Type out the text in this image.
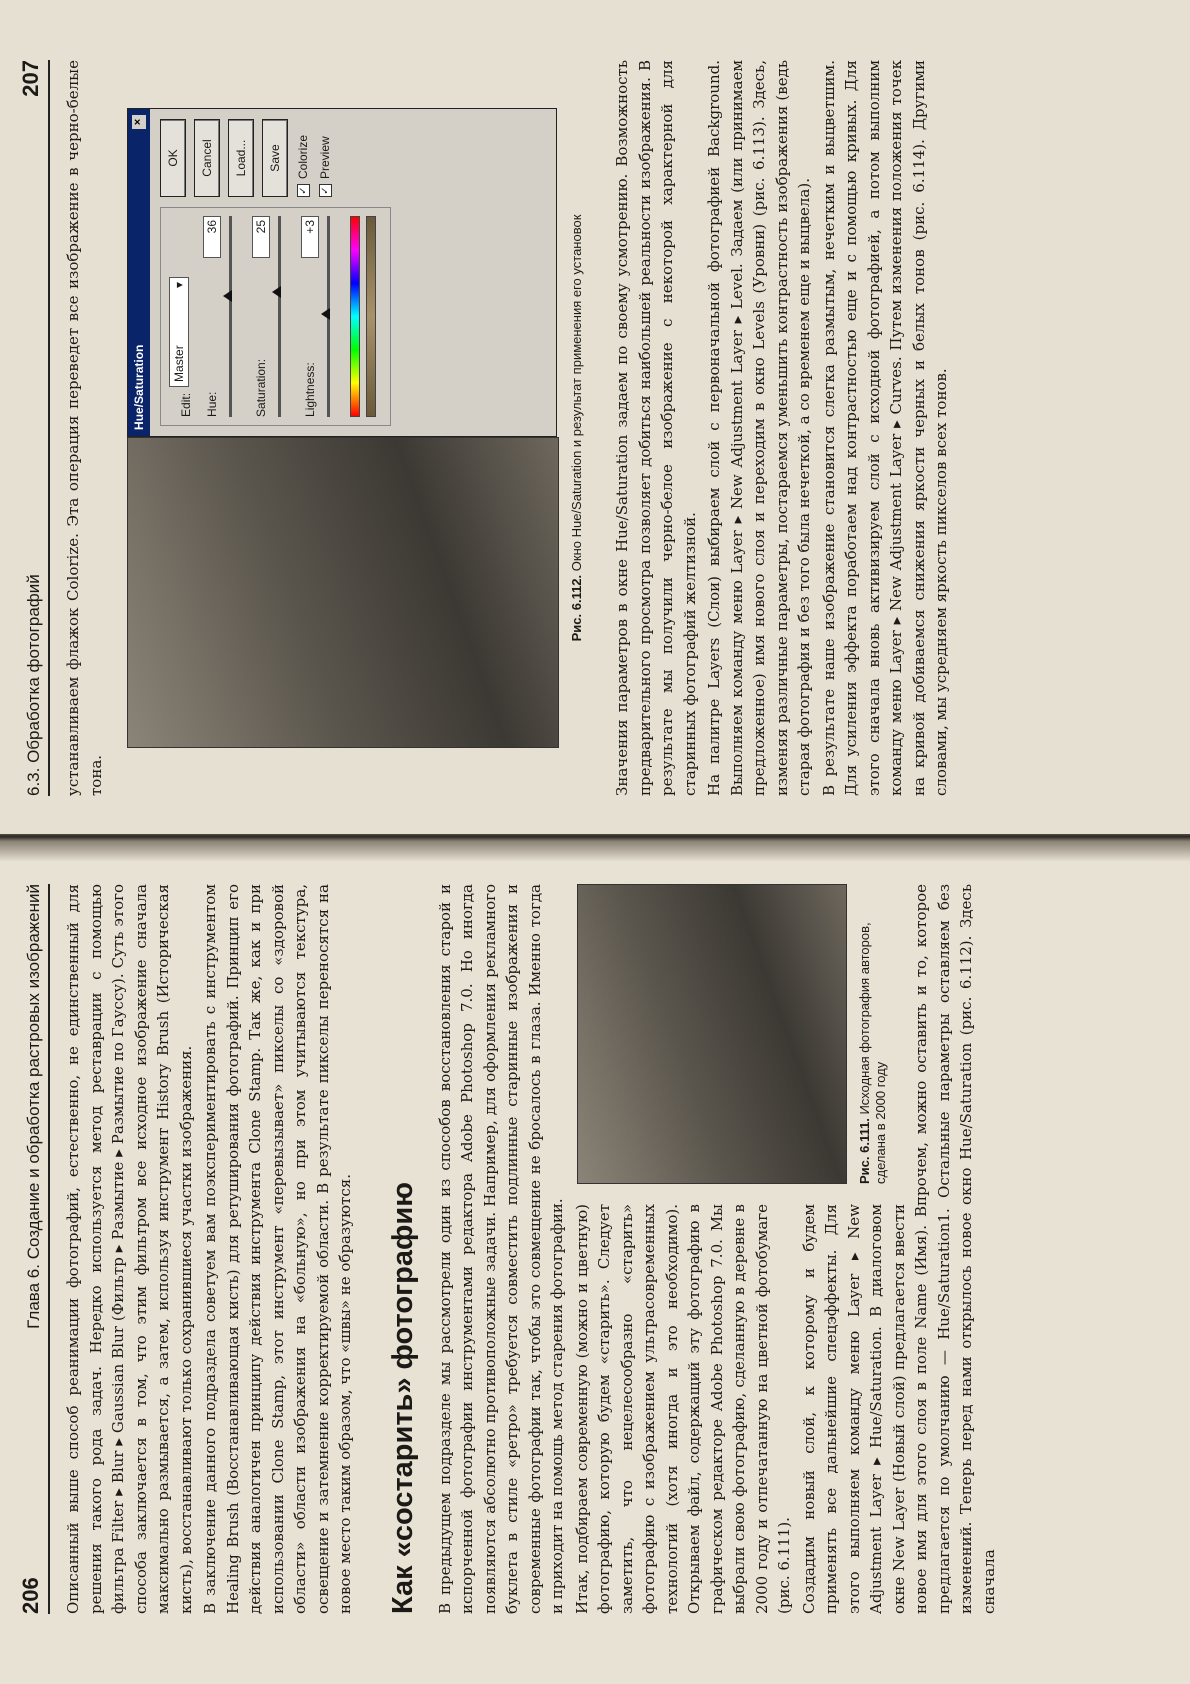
206
Глава 6. Создание и обработка растровых изображений Описанный выше способ реанимации фотографий, естественно, не единственный для решения такого рода задач. Нередко используется метод реставрации с помощью фильтра Filter ▸ Blur ▸ Gaussian Blur (Фильтр ▸ Размытие ▸ Размытие по Гауссу). Суть этого способа заключается в том, что этим фильтром все исходное изображение сначала максимально размывается, а затем, используя инструмент History Brush (Историческая кисть), восстанавливают только сохранившиеся участки изображения. В заключение данного подраздела советуем вам поэкспериментировать с инструментом Healing Brush (Восстанавливающая кисть) для ретуширования фотографий. Принцип его действия аналогичен принципу действия инструмента Clone Stamp. Так же, как и при использовании Clone Stamp, этот инструмент «перевызывает» пикселы со «здоровой области» области изображения на «больную», но при этом учитываются текстура, освещение и затемнение корректируемой области. В результате пикселы переносятся на новое место таким образом, что «швы» не образуются. Как «состарить» фотографию В предыдущем подразделе мы рассмотрели один из способов восстановления старой и испорченной фотографии инструментами редактора Adobe Photoshop 7.0. Но иногда появляются абсолютно противоположные задачи. Например, для оформления рекламного буклета в стиле «ретро» требуется совместить подлинные старинные изображения и современные фотографии так, чтобы это совмещение не бросалось в глаза. Именно тогда и приходит на помощь метод старения фотографии.

Рис. 6.111. Исходная фотография авторов, сделана в 2000 году

Итак, подбираем современную (можно и цветную) фотографию, которую будем «старить». Следует заметить, что нецелесообразно «старить» фотографию с изображением ультрасовременных технологий (хотя иногда и это необходимо). Открываем файл, содержащий эту фотографию в графическом редакторе Adobe Photoshop 7.0. Мы выбрали свою фотографию, сделанную в деревне в 2000 году и отпечатанную на цветной фотобумаге (рис. 6.111). Создадим новый слой, к которому и будем применять все дальнейшие спецэффекты. Для этого выполняем команду меню Layer ▸ New Adjustment Layer ▸ Hue/Saturation. В диалоговом окне New Layer (Новый слой) предлагается ввести новое имя для этого слоя в поле Name (Имя). Впрочем, можно оставить и то, которое предлагается по умолчанию — Hue/Saturation1. Остальные параметры оставляем без изменений. Теперь перед нами открылось новое окно Hue/Saturation (рис. 6.112). Здесь сначала

6.3. Обработка фотографий
207 устанавливаем флажок Colorize. Эта операция переведет все изображение в черно-белые тона.

Hue/Saturation
×
Edit:
Master
▾
Hue:
36
Saturation:
25
Lightness:
+3
OK	Cancel	Load...	Save
✓
Colorize
✓
Preview
Рис. 6.112. Окно Hue/Saturation и результат применения его установок Значения параметров в окне Hue/Saturation задаем по своему усмотрению. Возможность предварительного просмотра позволяет добиться наибольшей реальности изображения. В результате мы получили черно-белое изображение с некоторой характерной для старинных фотографий желтизной. На палитре Layers (Слои) выбираем слой с первоначальной фотографией Background. Выполняем команду меню Layer ▸ New Adjustment Layer ▸ Level. Задаем (или принимаем предложенное) имя нового слоя и переходим в окно Levels (Уровни) (рис. 6.113). Здесь, изменяя различные параметры, постараемся уменьшить контрастность изображения (ведь старая фотография и без того была нечеткой, а со временем еще и выцвела). В результате наше изображение становится слегка размытым, нечетким и выцветшим. Для усиления эффекта поработаем над контрастностью еще и с помощью кривых. Для этого сначала вновь активизируем слой с исходной фотографией, а потом выполним команду меню Layer ▸ New Adjustment Layer ▸ Curves. Путем изменения положения точек на кривой добиваемся снижения яркости черных и белых тонов (рис. 6.114). Другими словами, мы усредняем яркость пикселов всех тонов.
